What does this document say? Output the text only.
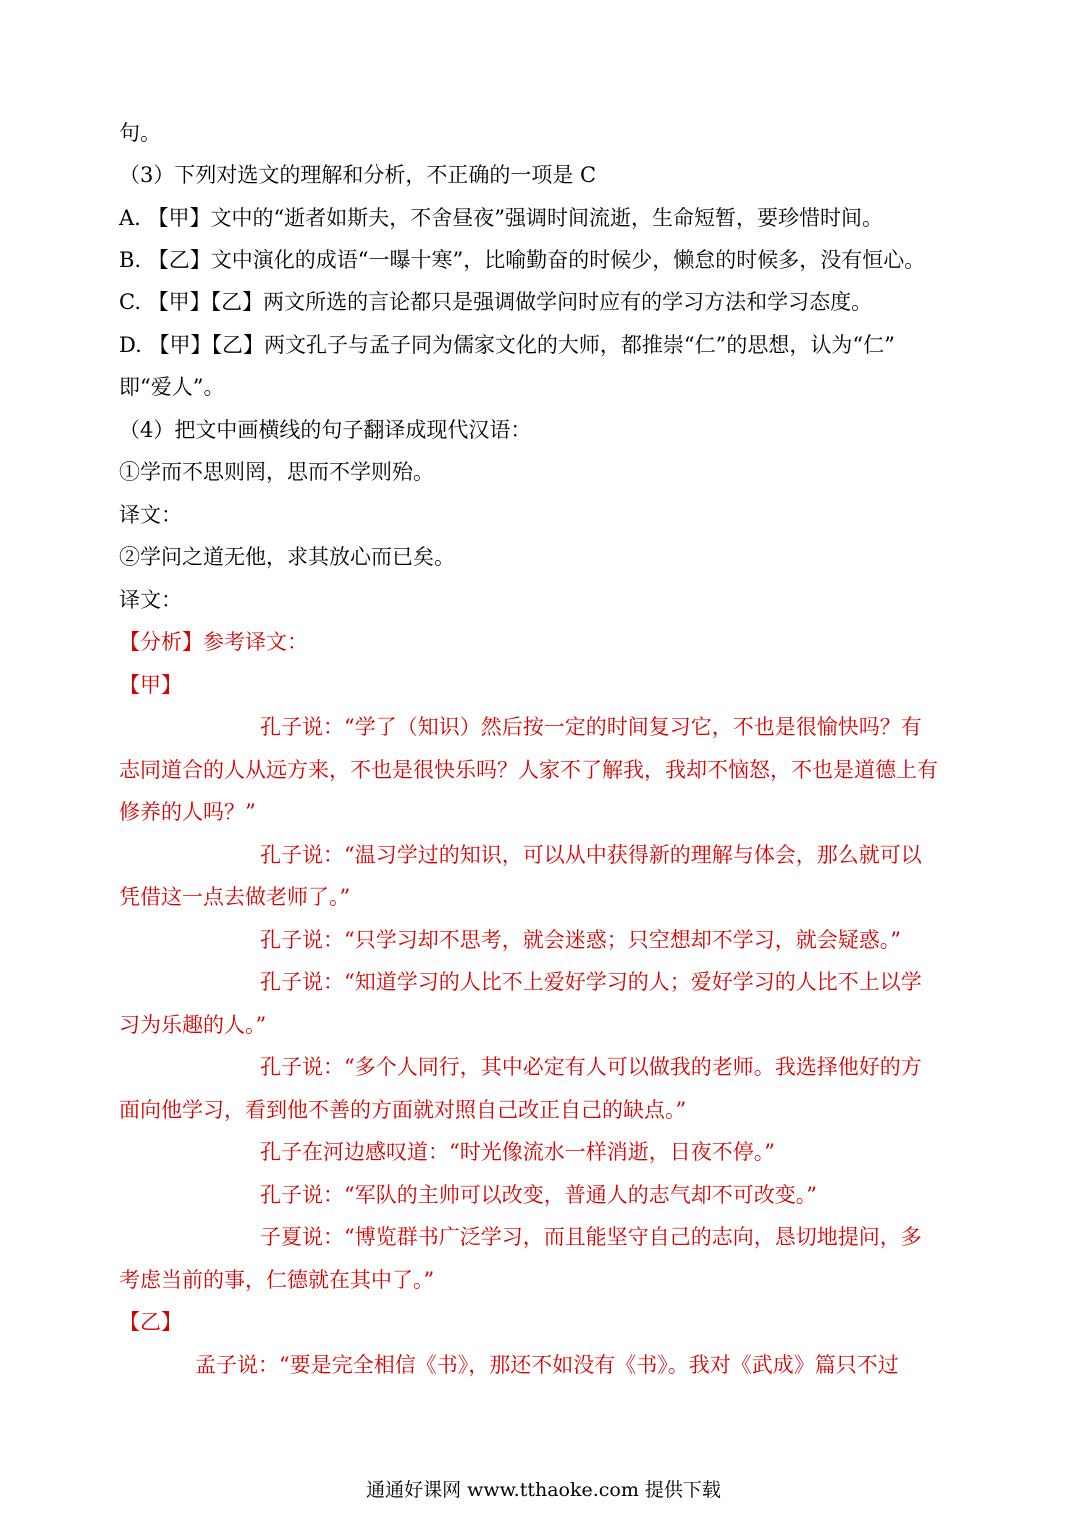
句。
（3）下列对选文的理解和分析，不正确的一项是 C
A. 【甲】文中的“逝者如斯夫，不舍昼夜”强调时间流逝，生命短暂，要珍惜时间。
B. 【乙】文中演化的成语“一曝十寒”，比喻勤奋的时候少，懒怠的时候多，没有恒心。
C. 【甲】【乙】两文所选的言论都只是强调做学问时应有的学习方法和学习态度。
D. 【甲】【乙】两文孔子与孟子同为儒家文化的大师，都推崇“仁”的思想，认为“仁”
即“爱人”。
（4）把文中画横线的句子翻译成现代汉语：
①学而不思则罔，思而不学则殆。
译文：
②学问之道无他，求其放心而已矣。
译文：
【分析】参考译文：
【甲】
孔子说：“学了（知识）然后按一定的时间复习它，不也是很愉快吗？有
志同道合的人从远方来，不也是很快乐吗？人家不了解我，我却不恼怒，不也是道德上有
修养的人吗？”
孔子说：“温习学过的知识，可以从中获得新的理解与体会，那么就可以
凭借这一点去做老师了。”
孔子说：“只学习却不思考，就会迷惑；只空想却不学习，就会疑惑。”
孔子说：“知道学习的人比不上爱好学习的人；爱好学习的人比不上以学
习为乐趣的人。”
孔子说：“多个人同行，其中必定有人可以做我的老师。我选择他好的方
面向他学习，看到他不善的方面就对照自己改正自己的缺点。”
孔子在河边感叹道：“时光像流水一样消逝，日夜不停。”
孔子说：“军队的主帅可以改变，普通人的志气却不可改变。”
子夏说：“博览群书广泛学习，而且能坚守自己的志向，恳切地提问，多
考虑当前的事，仁德就在其中了。”
【乙】
孟子说：“要是完全相信《书》，那还不如没有《书》。我对《武成》篇只不过
通通好课网 www.tthaoke.com 提供下载
